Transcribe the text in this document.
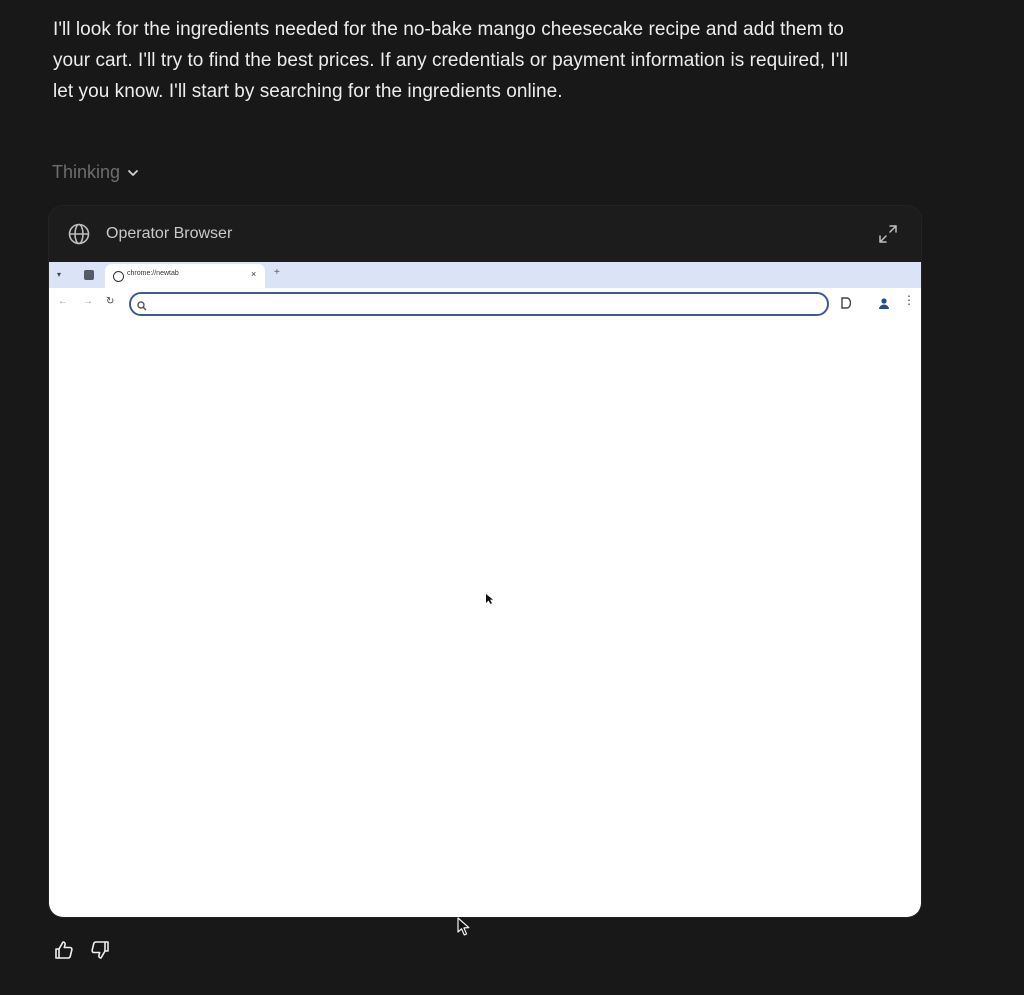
I'll look for the ingredients needed for the no-bake mango cheesecake recipe and add them to your cart. I'll try to find the best prices. If any credentials or payment information is required, I'll let you know. I'll start by searching for the ingredients online.
Thinking
Operator Browser
▾	chrome://newtab	× +
← → ↻	⋮
